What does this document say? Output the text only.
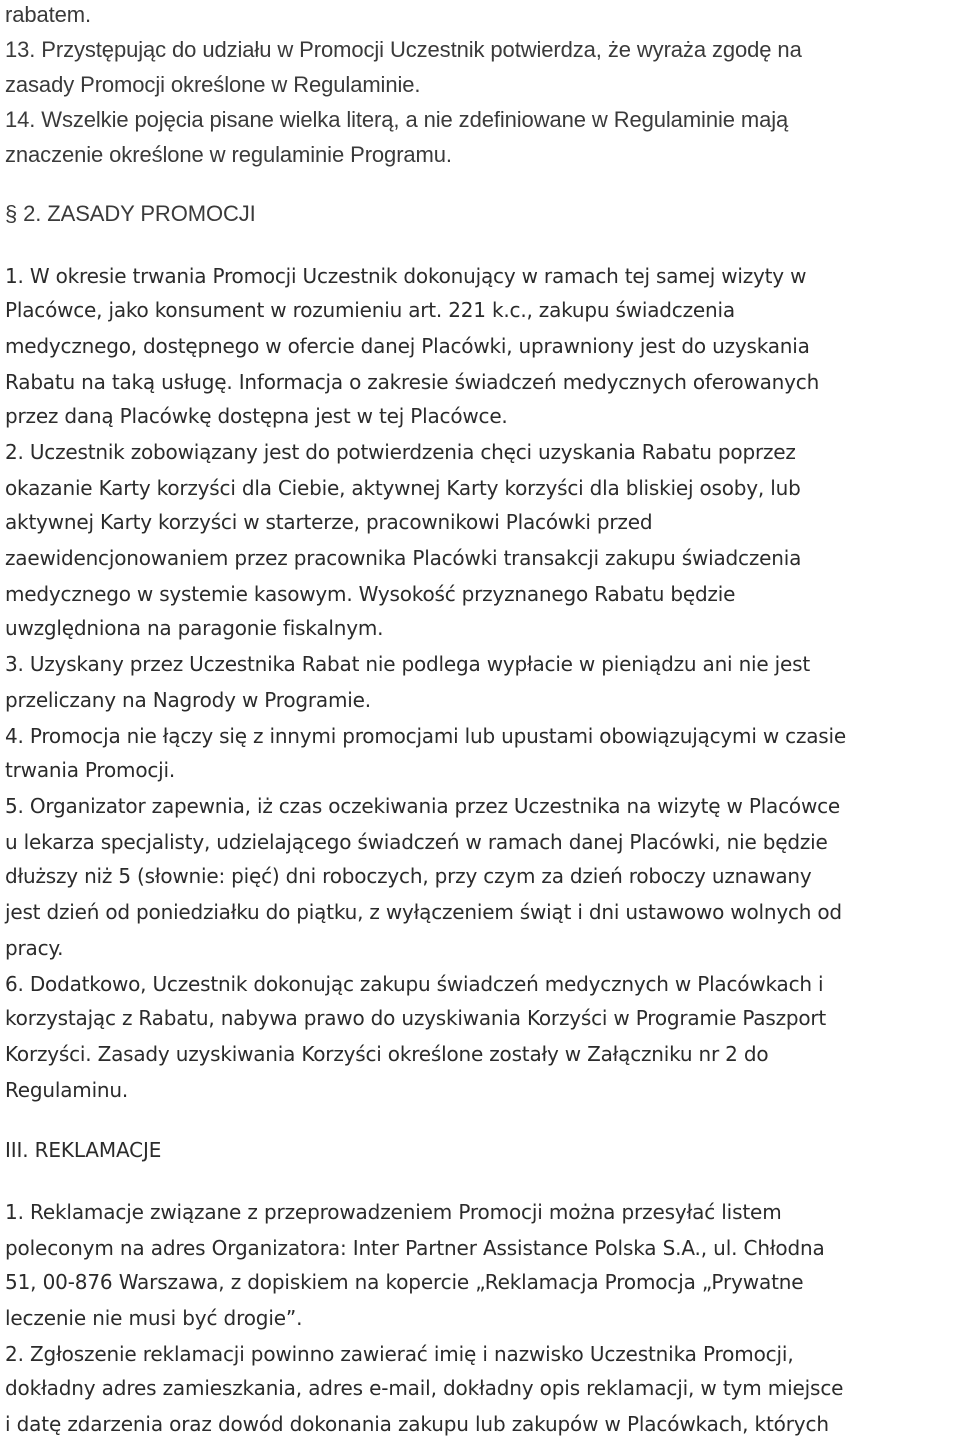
rabatem.
13. Przystępując do udziału w Promocji Uczestnik potwierdza, że wyraża zgodę na
zasady Promocji określone w Regulaminie.
14. Wszelkie pojęcia pisane wielka literą, a nie zdefiniowane w Regulaminie mają
znaczenie określone w regulaminie Programu.
§ 2. ZASADY PROMOCJI
1. W okresie trwania Promocji Uczestnik dokonujący w ramach tej samej wizyty w
Placówce, jako konsument w rozumieniu art. 221 k.c., zakupu świadczenia
medycznego, dostępnego w ofercie danej Placówki, uprawniony jest do uzyskania
Rabatu na taką usługę. Informacja o zakresie świadczeń medycznych oferowanych
przez daną Placówkę dostępna jest w tej Placówce.
2. Uczestnik zobowiązany jest do potwierdzenia chęci uzyskania Rabatu poprzez
okazanie Karty korzyści dla Ciebie, aktywnej Karty korzyści dla bliskiej osoby, lub
aktywnej Karty korzyści w starterze, pracownikowi Placówki przed
zaewidencjonowaniem przez pracownika Placówki transakcji zakupu świadczenia
medycznego w systemie kasowym. Wysokość przyznanego Rabatu będzie
uwzględniona na paragonie fiskalnym.
3. Uzyskany przez Uczestnika Rabat nie podlega wypłacie w pieniądzu ani nie jest
przeliczany na Nagrody w Programie.
4. Promocja nie łączy się z innymi promocjami lub upustami obowiązującymi w czasie
trwania Promocji.
5. Organizator zapewnia, iż czas oczekiwania przez Uczestnika na wizytę w Placówce
u lekarza specjalisty, udzielającego świadczeń w ramach danej Placówki, nie będzie
dłuższy niż 5 (słownie: pięć) dni roboczych, przy czym za dzień roboczy uznawany
jest dzień od poniedziałku do piątku, z wyłączeniem świąt i dni ustawowo wolnych od
pracy.
6. Dodatkowo, Uczestnik dokonując zakupu świadczeń medycznych w Placówkach i
korzystając z Rabatu, nabywa prawo do uzyskiwania Korzyści w Programie Paszport
Korzyści. Zasady uzyskiwania Korzyści określone zostały w Załączniku nr 2 do
Regulaminu.
III. REKLAMACJE
1. Reklamacje związane z przeprowadzeniem Promocji można przesyłać listem
poleconym na adres Organizatora: Inter Partner Assistance Polska S.A., ul. Chłodna
51, 00-876 Warszawa, z dopiskiem na kopercie „Reklamacja Promocja „Prywatne
leczenie nie musi być drogie”.
2. Zgłoszenie reklamacji powinno zawierać imię i nazwisko Uczestnika Promocji,
dokładny adres zamieszkania, adres e-mail, dokładny opis reklamacji, w tym miejsce
i datę zdarzenia oraz dowód dokonania zakupu lub zakupów w Placówkach, których
